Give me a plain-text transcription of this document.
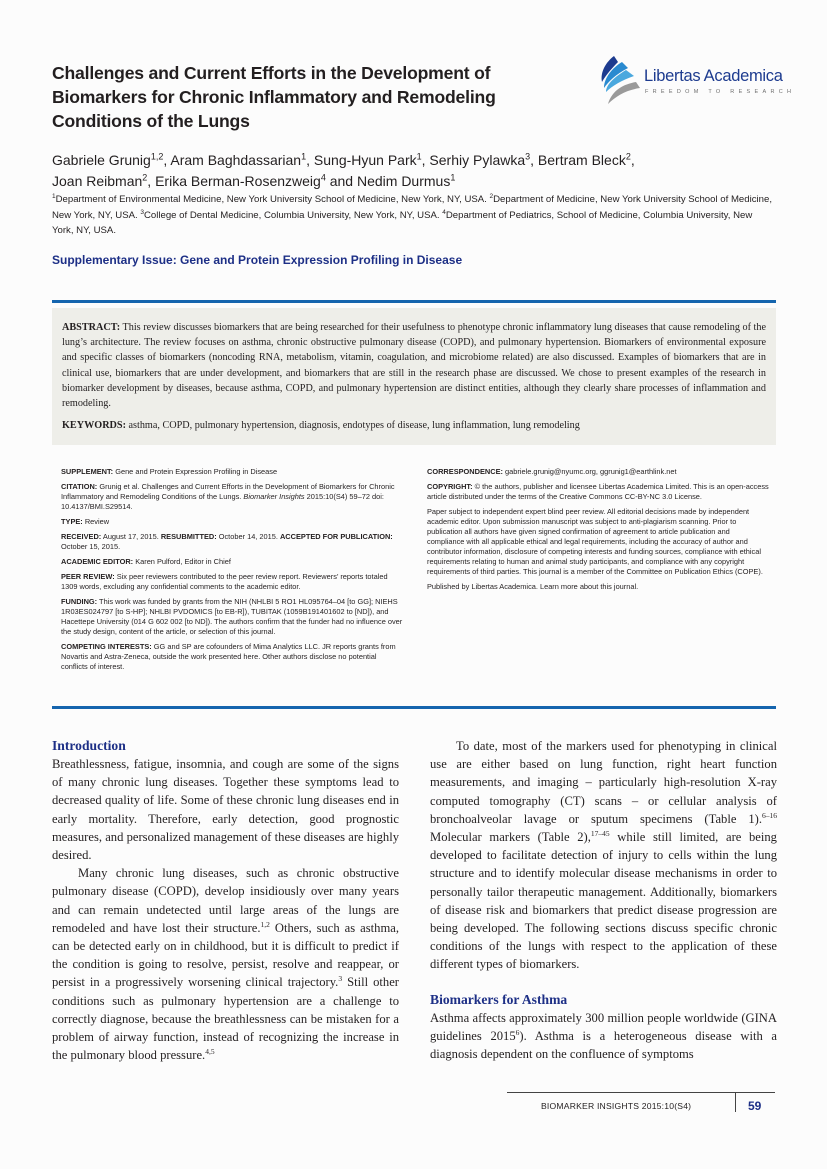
Challenges and Current Efforts in the Development of Biomarkers for Chronic Inflammatory and Remodeling Conditions of the Lungs
Libertas Academica
FREEDOM TO RESEARCH
Gabriele Grunig$^{1,2}$, Aram Baghdassarian$^1$, Sung-Hyun Park$^1$, Serhiy Pylawka$^3$, Bertram Bleck$^2$,
Joan Reibman$^2$, Erika Berman-Rosenzweig$^4$ and Nedim Durmus$^1$
$^1$Department of Environmental Medicine, New York University School of Medicine, New York, NY, USA. $^2$Department of Medicine, New York University School of Medicine, New York, NY, USA. $^3$College of Dental Medicine, Columbia University, New York, NY, USA. $^4$Department of Pediatrics, School of Medicine, Columbia University, New York, NY, USA.
Supplementary Issue: Gene and Protein Expression Profiling in Disease

ABSTRACT: This review discusses biomarkers that are being researched for their usefulness to phenotype chronic inflammatory lung diseases that cause remodeling of the lung’s architecture. The review focuses on asthma, chronic obstructive pulmonary disease (COPD), and pulmonary hypertension. Biomarkers of environmental exposure and specific classes of biomarkers (noncoding RNA, metabolism, vitamin, coagulation, and microbiome related) are also discussed. Examples of biomarkers that are in clinical use, biomarkers that are under development, and biomarkers that are still in the research phase are discussed. We chose to present examples of the research in biomarker development by diseases, because asthma, COPD, and pulmonary hypertension are distinct entities, although they clearly share processes of inflammation and remodeling.

KEYWORDS: asthma, COPD, pulmonary hypertension, diagnosis, endotypes of disease, lung inflammation, lung remodeling

SUPPLEMENT: Gene and Protein Expression Profiling in Disease

CITATION: Grunig et al. Challenges and Current Efforts in the Development of Biomarkers for Chronic Inflammatory and Remodeling Conditions of the Lungs. Biomarker Insights 2015:10(S4) 59–72 doi: 10.4137/BMI.S29514.

TYPE: Review

RECEIVED: August 17, 2015. RESUBMITTED: October 14, 2015. ACCEPTED FOR PUBLICATION: October 15, 2015.

ACADEMIC EDITOR: Karen Pulford, Editor in Chief

PEER REVIEW: Six peer reviewers contributed to the peer review report. Reviewers’ reports totaled 1309 words, excluding any confidential comments to the academic editor.

FUNDING: This work was funded by grants from the NIH (NHLBI 5 RO1 HL095764–04 [to GG]; NIEHS 1R03ES024797 [to S-HP]; NHLBI PVDOMICS [to EB-R]), TUBITAK (1059B191401602 to [ND]), and Hacettepe University (014 G 602 002 [to ND]). The authors confirm that the funder had no influence over the study design, content of the article, or selection of this journal.

COMPETING INTERESTS: GG and SP are cofounders of Mima Analytics LLC. JR reports grants from Novartis and Astra-Zeneca, outside the work presented here. Other authors disclose no potential conflicts of interest.

CORRESPONDENCE: gabriele.grunig@nyumc.org, ggrunig1@earthlink.net

COPYRIGHT: © the authors, publisher and licensee Libertas Academica Limited. This is an open-access article distributed under the terms of the Creative Commons CC-BY-NC 3.0 License.

Paper subject to independent expert blind peer review. All editorial decisions made by independent academic editor. Upon submission manuscript was subject to anti-plagiarism scanning. Prior to publication all authors have given signed confirmation of agreement to article publication and compliance with all applicable ethical and legal requirements, including the accuracy of author and contributor information, disclosure of competing interests and funding sources, compliance with ethical requirements relating to human and animal study participants, and compliance with any copyright requirements of third parties. This journal is a member of the Committee on Publication Ethics (COPE).

Published by Libertas Academica. Learn more about this journal.

Introduction

Breathlessness, fatigue, insomnia, and cough are some of the signs of many chronic lung diseases. Together these symptoms lead to decreased quality of life. Some of these chronic lung diseases end in early mortality. Therefore, early detection, good prognostic measures, and personalized management of these diseases are highly desired.

Many chronic lung diseases, such as chronic obstructive pulmonary disease (COPD), develop insidiously over many years and can remain undetected until large areas of the lungs are remodeled and have lost their structure.$^{1,2}$ Others, such as asthma, can be detected early on in childhood, but it is difficult to predict if the condition is going to resolve, persist, resolve and reappear, or persist in a progressively worsening clinical trajectory.$^3$ Still other conditions such as pulmonary hypertension are a challenge to correctly diagnose, because the breathlessness can be mistaken for a problem of airway function, instead of recognizing the increase in the pulmonary blood pressure.$^{4,5}$

To date, most of the markers used for phenotyping in clinical use are either based on lung function, right heart function measurements, and imaging – particularly high-resolution X-ray computed tomography (CT) scans – or cellular analysis of bronchoalveolar lavage or sputum specimens (Table 1).$^{6-16}$ Molecular markers (Table 2),$^{17-45}$ while still limited, are being developed to facilitate detection of injury to cells within the lung structure and to identify molecular disease mechanisms in order to personally tailor therapeutic management. Additionally, biomarkers of disease risk and biomarkers that predict disease progression are being developed. The following sections discuss specific chronic conditions of the lungs with respect to the application of these different types of biomarkers.

Biomarkers for Asthma

Asthma affects approximately 300 million people worldwide (GINA guidelines 2015$^6$). Asthma is a heterogeneous disease with a diagnosis dependent on the confluence of symptoms

BIOMARKER INSIGHTS 2015:10(S4)	59
